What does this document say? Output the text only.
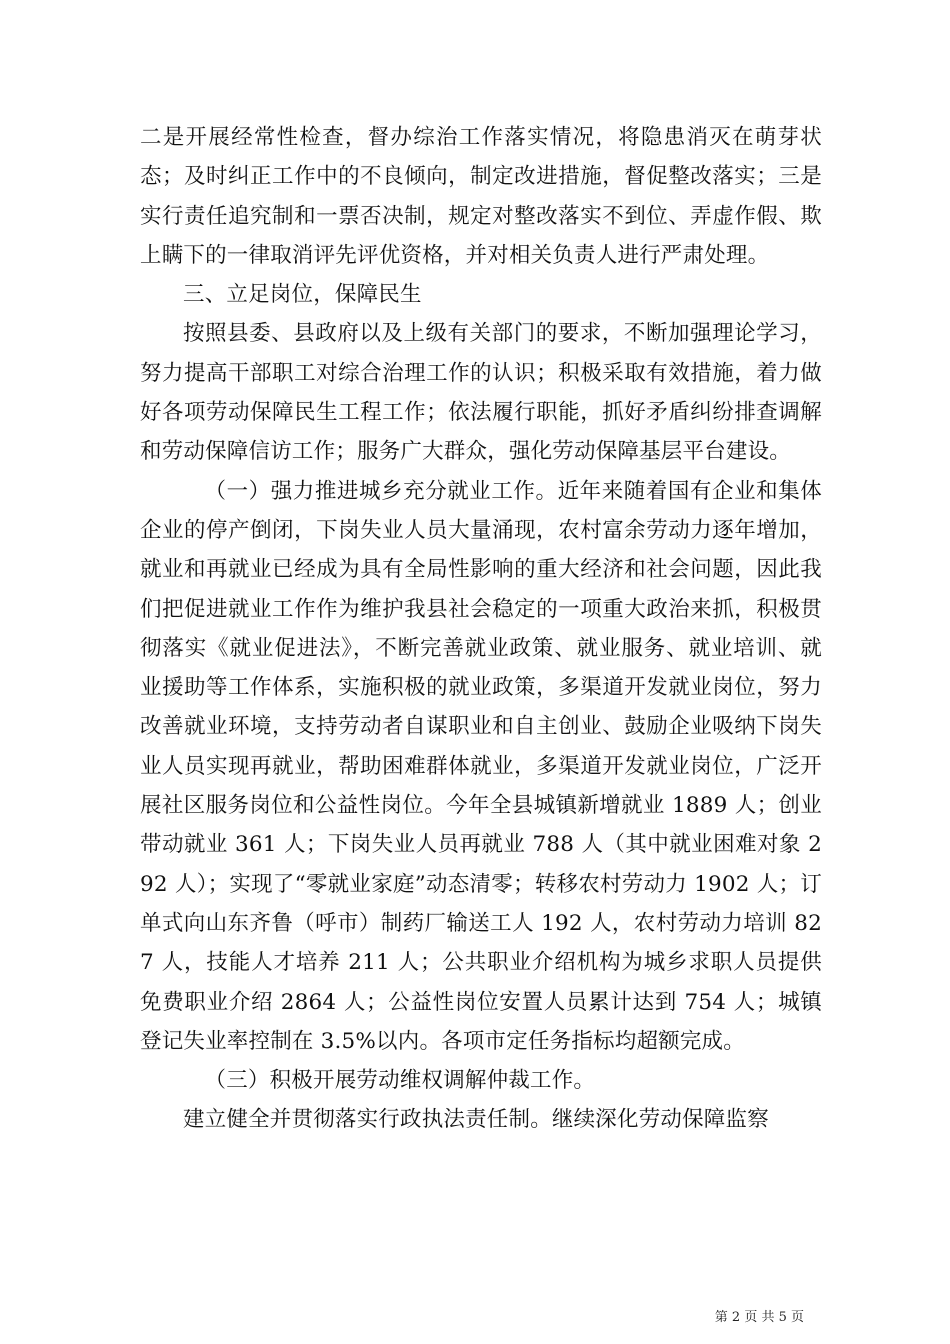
二是开展经常性检查，督办综治工作落实情况，将隐患消灭在萌芽状态；及时纠正工作中的不良倾向，制定改进措施，督促整改落实；三是实行责任追究制和一票否决制，规定对整改落实不到位、弄虚作假、欺上瞒下的一律取消评先评优资格，并对相关负责人进行严肃处理。

三、立足岗位，保障民生

按照县委、县政府以及上级有关部门的要求，不断加强理论学习，努力提高干部职工对综合治理工作的认识；积极采取有效措施，着力做好各项劳动保障民生工程工作；依法履行职能，抓好矛盾纠纷排查调解和劳动保障信访工作；服务广大群众，强化劳动保障基层平台建设。

（一）强力推进城乡充分就业工作。近年来随着国有企业和集体企业的停产倒闭，下岗失业人员大量涌现，农村富余劳动力逐年增加，就业和再就业已经成为具有全局性影响的重大经济和社会问题，因此我们把促进就业工作作为维护我县社会稳定的一项重大政治来抓，积极贯彻落实《就业促进法》，不断完善就业政策、就业服务、就业培训、就业援助等工作体系，实施积极的就业政策，多渠道开发就业岗位，努力改善就业环境，支持劳动者自谋职业和自主创业、鼓励企业吸纳下岗失业人员实现再就业，帮助困难群体就业，多渠道开发就业岗位，广泛开展社区服务岗位和公益性岗位。今年全县城镇新增就业 1889 人；创业带动就业 361 人；下岗失业人员再就业 788 人（其中就业困难对象 292 人）；实现了“零就业家庭”动态清零；转移农村劳动力 1902 人；订单式向山东齐鲁（呼市）制药厂输送工人 192 人，农村劳动力培训 827 人，技能人才培养 211 人；公共职业介绍机构为城乡求职人员提供免费职业介绍 2864 人；公益性岗位安置人员累计达到 754 人；城镇登记失业率控制在 3.5%以内。各项市定任务指标均超额完成。

（三）积极开展劳动维权调解仲裁工作。

建立健全并贯彻落实行政执法责任制。继续深化劳动保障监察

第 2 页 共 5 页
